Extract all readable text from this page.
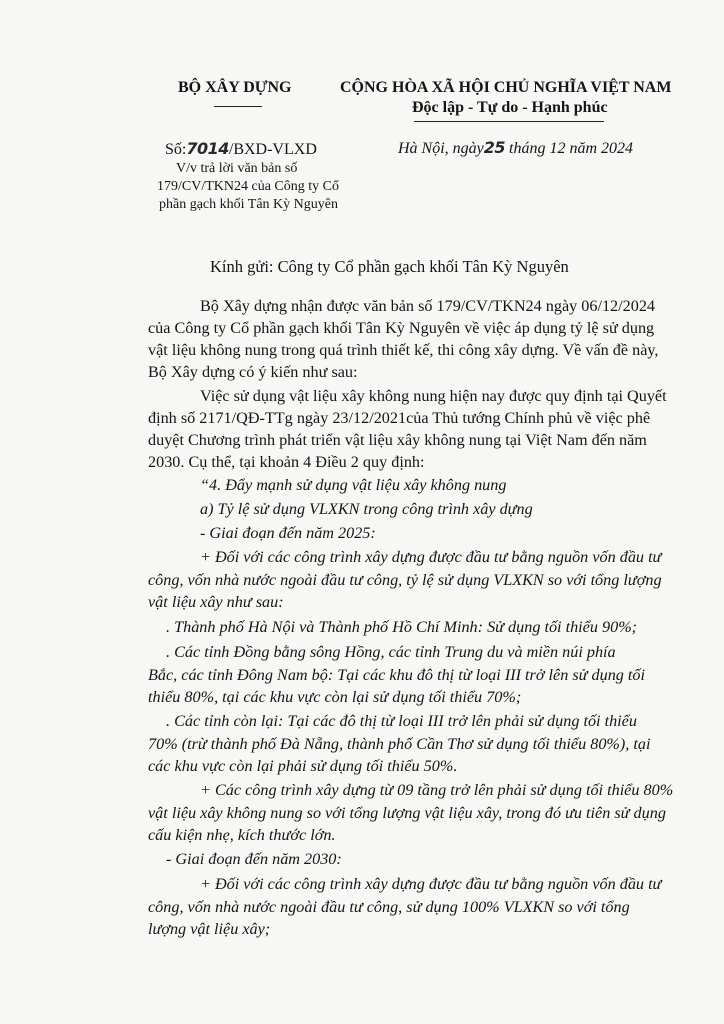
BỘ XÂY DỰNG
Số:7014/BXD-VLXD
V/v trả lời văn bản số
179/CV/TKN24 của Công ty Cổ
phần gạch khối Tân Kỳ Nguyên
CỘNG HÒA XÃ HỘI CHỦ NGHĨA VIỆT NAM
Độc lập - Tự do - Hạnh phúc
Hà Nội, ngày25 tháng 12 năm 2024
Kính gửi: Công ty Cổ phần gạch khối Tân Kỳ Nguyên
Bộ Xây dựng nhận được văn bản số 179/CV/TKN24 ngày 06/12/2024
của Công ty Cổ phần gạch khối Tân Kỳ Nguyên về việc áp dụng tỷ lệ sử dụng
vật liệu không nung trong quá trình thiết kế, thi công xây dựng. Về vấn đề này,
Bộ Xây dựng có ý kiến như sau:
Việc sử dụng vật liệu xây không nung hiện nay được quy định tại Quyết
định số 2171/QĐ-TTg ngày 23/12/2021của Thủ tướng Chính phủ về việc phê
duyệt Chương trình phát triển vật liệu xây không nung tại Việt Nam đến năm
2030. Cụ thể, tại khoản 4 Điều 2 quy định:
“4. Đẩy mạnh sử dụng vật liệu xây không nung
a) Tỷ lệ sử dụng VLXKN trong công trình xây dựng
- Giai đoạn đến năm 2025:
+ Đối với các công trình xây dựng được đầu tư bằng nguồn vốn đầu tư
công, vốn nhà nước ngoài đầu tư công, tỷ lệ sử dụng VLXKN so với tổng lượng
vật liệu xây như sau:
. Thành phố Hà Nội và Thành phố Hồ Chí Minh: Sử dụng tối thiểu 90%;
. Các tỉnh Đồng bằng sông Hồng, các tỉnh Trung du và miền núi phía
Bắc, các tỉnh Đông Nam bộ: Tại các khu đô thị từ loại III trở lên sử dụng tối
thiểu 80%, tại các khu vực còn lại sử dụng tối thiểu 70%;
. Các tỉnh còn lại: Tại các đô thị từ loại III trở lên phải sử dụng tối thiểu
70% (trừ thành phố Đà Nẵng, thành phố Cần Thơ sử dụng tối thiểu 80%), tại
các khu vực còn lại phải sử dụng tối thiểu 50%.
+ Các công trình xây dựng từ 09 tầng trở lên phải sử dụng tối thiểu 80%
vật liệu xây không nung so với tổng lượng vật liệu xây, trong đó ưu tiên sử dụng
cấu kiện nhẹ, kích thước lớn.
- Giai đoạn đến năm 2030:
+ Đối với các công trình xây dựng được đầu tư bằng nguồn vốn đầu tư
công, vốn nhà nước ngoài đầu tư công, sử dụng 100% VLXKN so với tổng
lượng vật liệu xây;
